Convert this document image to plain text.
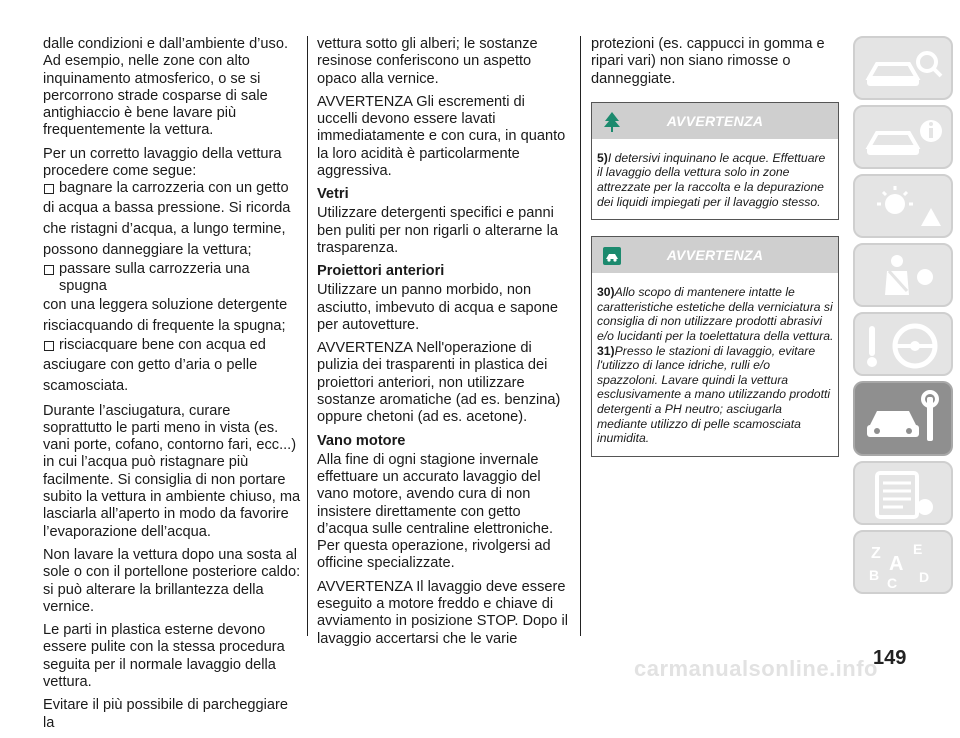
dalle condizioni e dall’ambiente d’uso. Ad esempio, nelle zone con alto inquinamento atmosferico, o se si percorrono strade cosparse di sale antighiaccio è bene lavare più frequentemente la vettura.

Per un corretto lavaggio della vettura procedere come segue:

bagnare la carrozzeria con un getto
di acqua a bassa pressione. Si ricorda
che ristagni d’acqua, a lungo termine,
possono danneggiare la vettura;
passare sulla carrozzeria una spugna
con una leggera soluzione detergente
risciacquando di frequente la spugna;
risciacquare bene con acqua ed
asciugare con getto d’aria o pelle
scamosciata.

Durante l’asciugatura, curare soprattutto le parti meno in vista (es. vani porte, cofano, contorno fari, ecc...) in cui l’acqua può ristagnare più facilmente. Si consiglia di non portare subito la vettura in ambiente chiuso, ma lasciarla all’aperto in modo da favorire l’evaporazione dell’acqua.

Non lavare la vettura dopo una sosta al sole o con il portellone posteriore caldo: si può alterare la brillantezza della vernice.

Le parti in plastica esterne devono essere pulite con la stessa procedura seguita per il normale lavaggio della vettura.

Evitare il più possibile di parcheggiare la

vettura sotto gli alberi; le sostanze resinose conferiscono un aspetto opaco alla vernice.

AVVERTENZA Gli escrementi di uccelli devono essere lavati immediatamente e con cura, in quanto la loro acidità è particolarmente aggressiva.

Vetri

Utilizzare detergenti specifici e panni ben puliti per non rigarli o alterarne la trasparenza.

Proiettori anteriori

Utilizzare un panno morbido, non asciutto, imbevuto di acqua e sapone per autovetture.

AVVERTENZA Nell'operazione di pulizia dei trasparenti in plastica dei proiettori anteriori, non utilizzare sostanze aromatiche (ad es. benzina) oppure chetoni (ad es. acetone).

Vano motore

Alla fine di ogni stagione invernale effettuare un accurato lavaggio del vano motore, avendo cura di non insistere direttamente con getto d’acqua sulle centraline elettroniche. Per questa operazione, rivolgersi ad officine specializzate.

AVVERTENZA Il lavaggio deve essere eseguito a motore freddo e chiave di avviamento in posizione STOP. Dopo il lavaggio accertarsi che le varie

protezioni (es. cappucci in gomma e ripari vari) non siano rimosse o danneggiate.

AVVERTENZA

5)I detersivi inquinano le acque. Effettuare il lavaggio della vettura solo in zone attrezzate per la raccolta e la depurazione dei liquidi impiegati per il lavaggio stesso.

AVVERTENZA

30)Allo scopo di mantenere intatte le caratteristiche estetiche della verniciatura si consiglia di non utilizzare prodotti abrasivi e/o lucidanti per la toelettatura della vettura.

31)Presso le stazioni di lavaggio, evitare l'utilizzo di lance idriche, rulli e/o spazzoloni. Lavare quindi la vettura esclusivamente a mano utilizzando prodotti detergenti a PH neutro; asciugarla mediante utilizzo di pelle scamosciata inumidita.

Z E
A
B	D
C
149
carmanualsonline.info
